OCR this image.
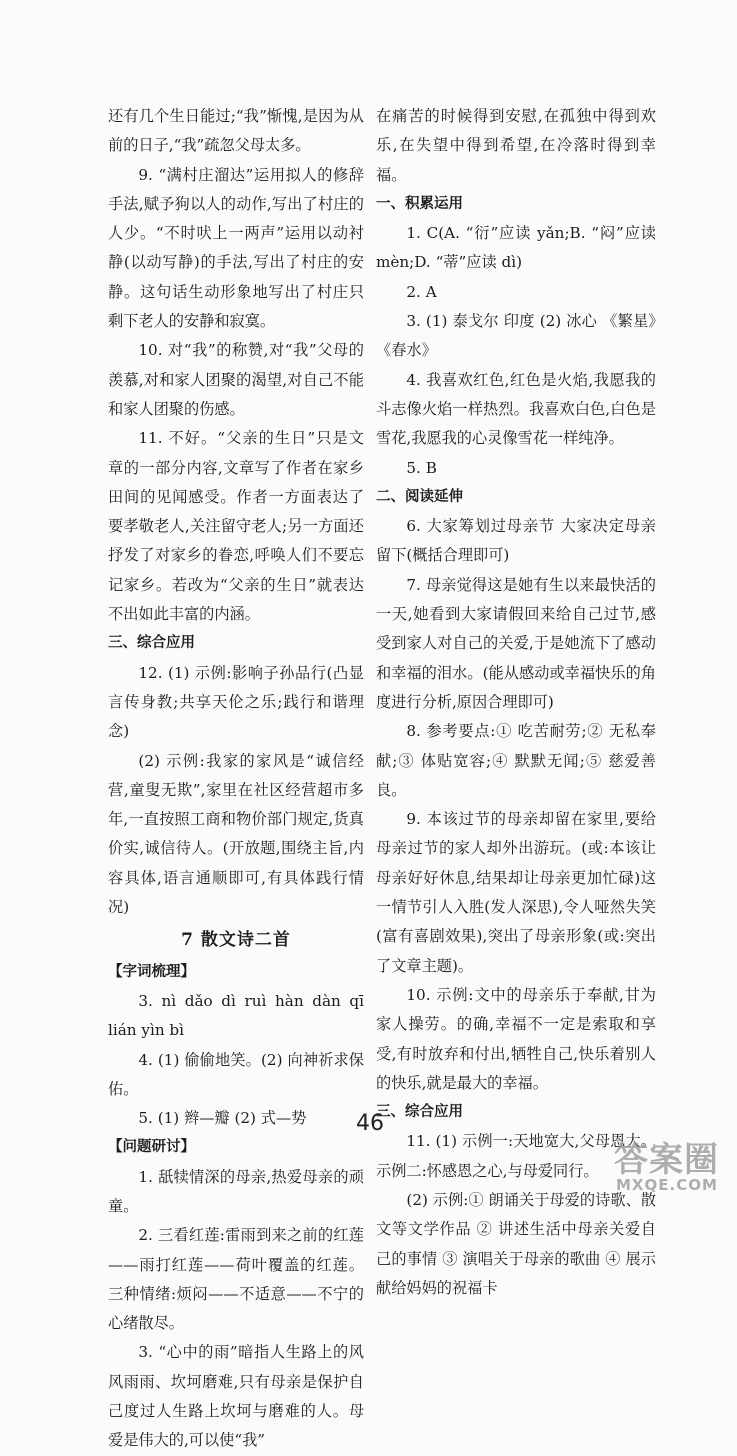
还有几个生日能过;“我”惭愧,是因为从前的日子,“我”疏忽父母太多。

9. “满村庄溜达”运用拟人的修辞手法,赋予狗以人的动作,写出了村庄的人少。“不时吠上一两声”运用以动衬静(以动写静)的手法,写出了村庄的安静。这句话生动形象地写出了村庄只剩下老人的安静和寂寞。

10. 对“我”的称赞,对“我”父母的羡慕,对和家人团聚的渴望,对自己不能和家人团聚的伤感。

11. 不好。“父亲的生日”只是文章的一部分内容,文章写了作者在家乡田间的见闻感受。作者一方面表达了要孝敬老人,关注留守老人;另一方面还抒发了对家乡的眷恋,呼唤人们不要忘记家乡。若改为“父亲的生日”就表达不出如此丰富的内涵。

三、综合应用

12. (1) 示例:影响子孙品行(凸显言传身教;共享天伦之乐;践行和谐理念)

(2) 示例:我家的家风是“诚信经营,童叟无欺”,家里在社区经营超市多年,一直按照工商和物价部门规定,货真价实,诚信待人。(开放题,围绕主旨,内容具体,语言通顺即可,有具体践行情况)

7 散文诗二首

【字词梳理】

3. nì dǎo dì ruì hàn dàn qī lián yìn bì

4. (1) 偷偷地笑。(2) 向神祈求保佑。

5. (1) 辫—瓣 (2) 式—势

【问题研讨】

1. 舐犊情深的母亲,热爱母亲的顽童。

2. 三看红莲:雷雨到来之前的红莲——雨打红莲——荷叶覆盖的红莲。 三种情绪:烦闷——不适意——不宁的心绪散尽。

3. “心中的雨”暗指人生路上的风风雨雨、坎坷磨难,只有母亲是保护自己度过人生路上坎坷与磨难的人。母爱是伟大的,可以使“我”

在痛苦的时候得到安慰,在孤独中得到欢乐,在失望中得到希望,在冷落时得到幸福。

一、积累运用

1. C(A. “衍”应读 yǎn;B. “闷”应读 mèn;D. “蒂”应读 dì)

2. A

3. (1) 泰戈尔 印度 (2) 冰心 《繁星》《春水》

4. 我喜欢红色,红色是火焰,我愿我的斗志像火焰一样热烈。我喜欢白色,白色是雪花,我愿我的心灵像雪花一样纯净。

5. B

二、阅读延伸

6. 大家筹划过母亲节 大家决定母亲留下(概括合理即可)

7. 母亲觉得这是她有生以来最快活的一天,她看到大家请假回来给自己过节,感受到家人对自己的关爱,于是她流下了感动和幸福的泪水。(能从感动或幸福快乐的角度进行分析,原因合理即可)

8. 参考要点:① 吃苦耐劳;② 无私奉献;③ 体贴宽容;④ 默默无闻;⑤ 慈爱善良。

9. 本该过节的母亲却留在家里,要给母亲过节的家人却外出游玩。(或:本该让母亲好好休息,结果却让母亲更加忙碌)这一情节引人入胜(发人深思),令人哑然失笑(富有喜剧效果),突出了母亲形象(或:突出了文章主题)。

10. 示例:文中的母亲乐于奉献,甘为家人操劳。的确,幸福不一定是索取和享受,有时放弃和付出,牺牲自己,快乐着别人的快乐,就是最大的幸福。

三、综合应用

11. (1) 示例一:天地宽大,父母恩大。示例二:怀感恩之心,与母爱同行。

(2) 示例:① 朗诵关于母爱的诗歌、散文等文学作品 ② 讲述生活中母亲关爱自己的事情 ③ 演唱关于母亲的歌曲 ④ 展示献给妈妈的祝福卡

46
答案圈
MXQE.COM
